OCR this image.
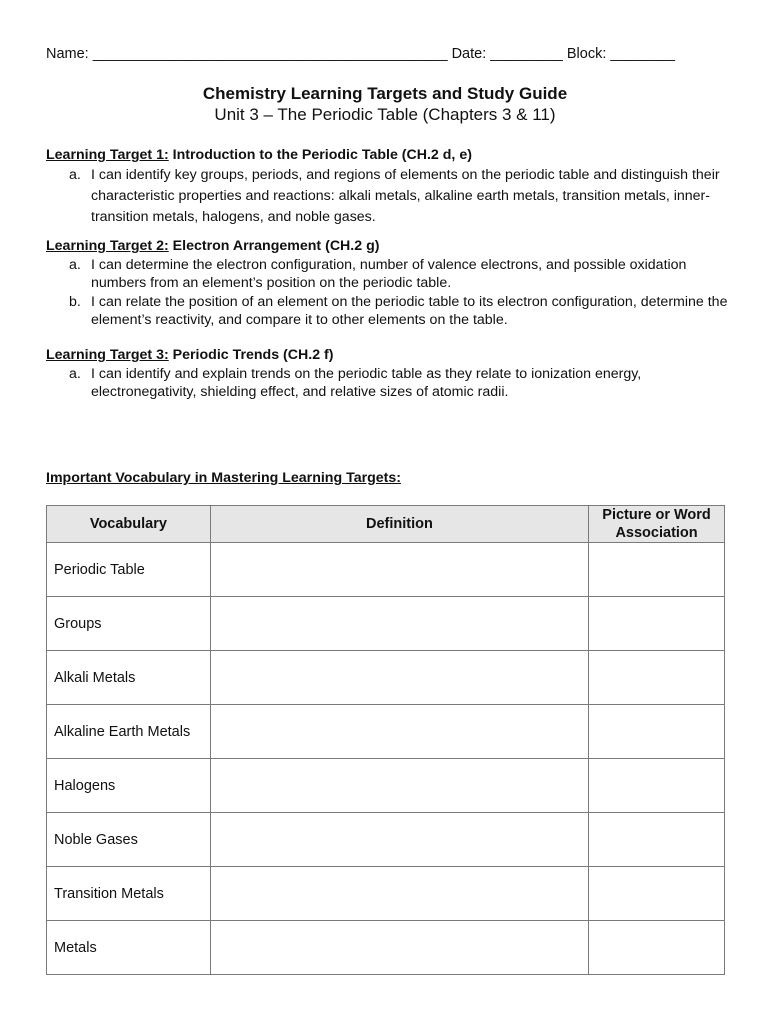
Name: ____________________________________________ Date: _________ Block: ________
Chemistry Learning Targets and Study Guide
Unit 3 – The Periodic Table (Chapters 3 & 11)
Learning Target 1: Introduction to the Periodic Table (CH.2 d, e)
a. I can identify key groups, periods, and regions of elements on the periodic table and distinguish their characteristic properties and reactions: alkali metals, alkaline earth metals, transition metals, inner-transition metals, halogens, and noble gases.
Learning Target 2: Electron Arrangement (CH.2 g)
a. I can determine the electron configuration, number of valence electrons, and possible oxidation numbers from an element’s position on the periodic table.
b. I can relate the position of an element on the periodic table to its electron configuration, determine the element’s reactivity, and compare it to other elements on the table.
Learning Target 3: Periodic Trends (CH.2 f)
a. I can identify and explain trends on the periodic table as they relate to ionization energy, electronegativity, shielding effect, and relative sizes of atomic radii.
Important Vocabulary in Mastering Learning Targets:
Vocabulary	Definition	Picture or Word Association
Periodic Table		
Groups		
Alkali Metals		
Alkaline Earth Metals		
Halogens		
Noble Gases		
Transition Metals		
Metals		
